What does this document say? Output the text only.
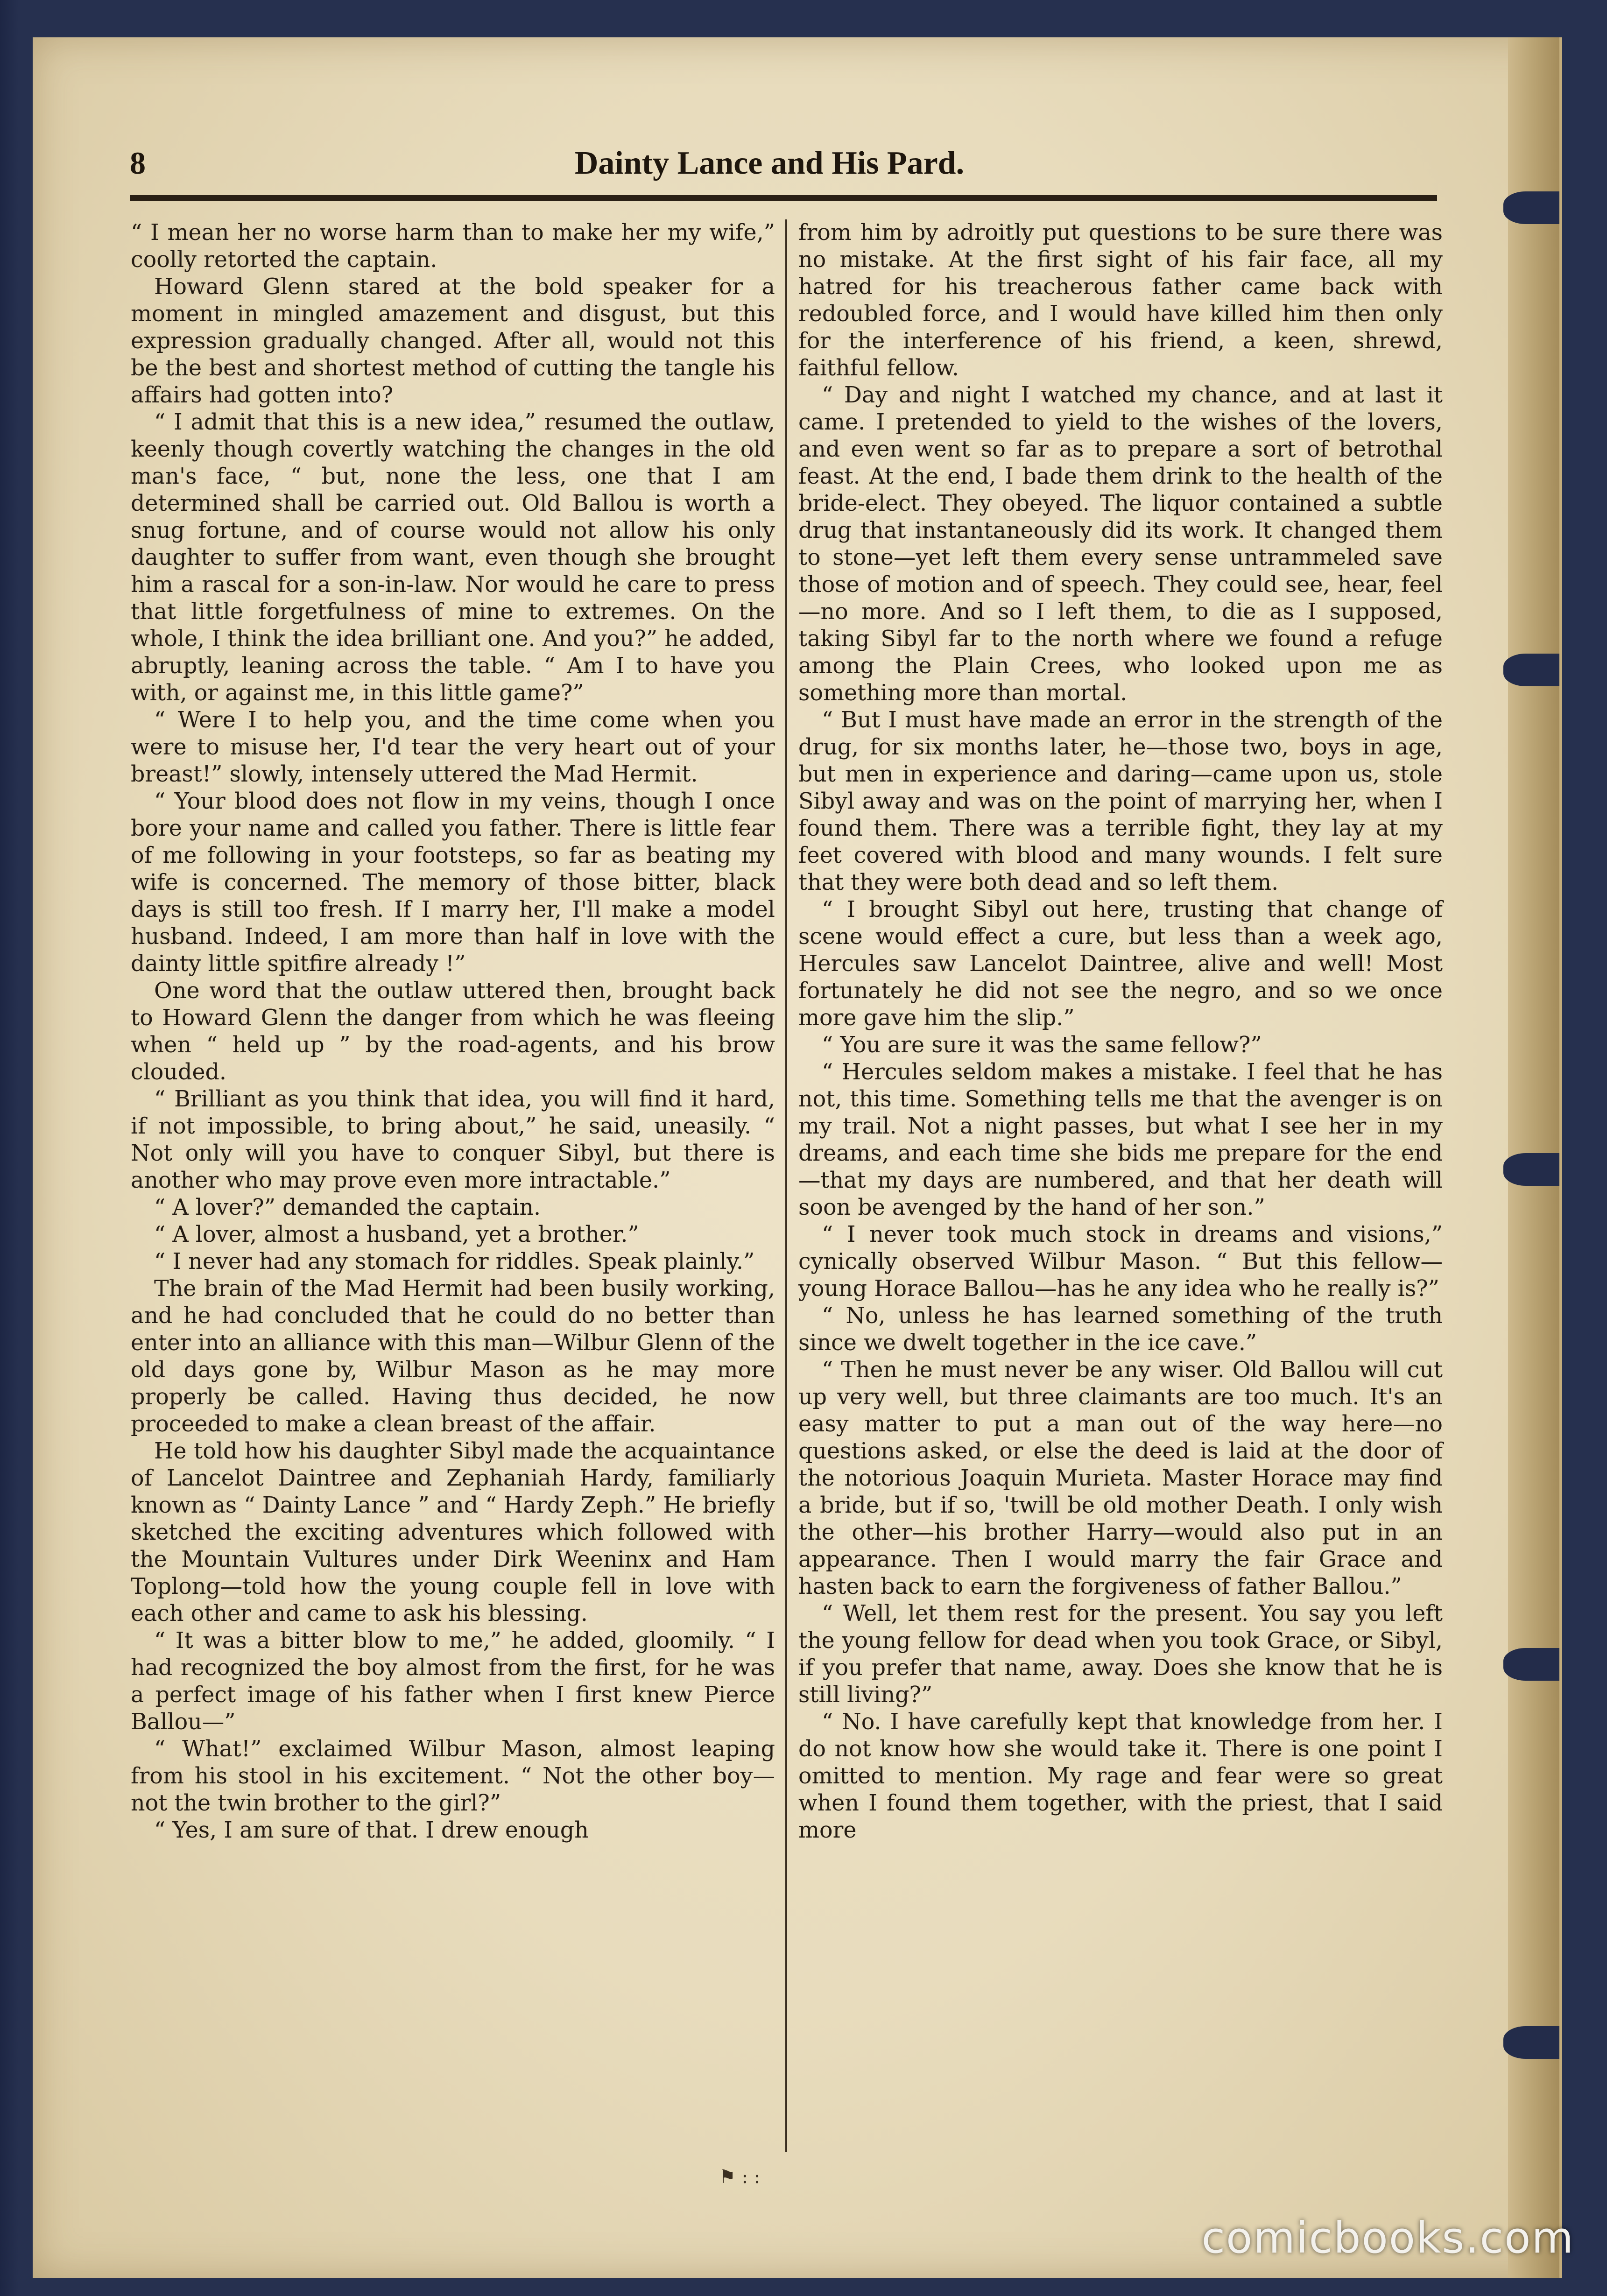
8	Dainty Lance and His Pard.

“ I mean her no worse harm than to make her my wife,” coolly retorted the captain.

Howard Glenn stared at the bold speaker for a moment in mingled amazement and disgust, but this expression gradually changed. After all, would not this be the best and shortest method of cutting the tangle his affairs had gotten into?

“ I admit that this is a new idea,” resumed the outlaw, keenly though covertly watching the changes in the old man's face, “ but, none the less, one that I am determined shall be carried out. Old Ballou is worth a snug fortune, and of course would not allow his only daughter to suffer from want, even though she brought him a rascal for a son-in-law. Nor would he care to press that little forgetfulness of mine to extremes. On the whole, I think the idea brilliant one. And you?” he added, abruptly, leaning across the table. “ Am I to have you with, or against me, in this little game?”

“ Were I to help you, and the time come when you were to misuse her, I'd tear the very heart out of your breast!” slowly, intensely uttered the Mad Hermit.

“ Your blood does not flow in my veins, though I once bore your name and called you father. There is little fear of me following in your footsteps, so far as beating my wife is concerned. The memory of those bitter, black days is still too fresh. If I marry her, I'll make a model husband. Indeed, I am more than half in love with the dainty little spitfire already !”

One word that the outlaw uttered then, brought back to Howard Glenn the danger from which he was fleeing when “ held up ” by the road-agents, and his brow clouded.

“ Brilliant as you think that idea, you will find it hard, if not impossible, to bring about,” he said, uneasily. “ Not only will you have to conquer Sibyl, but there is another who may prove even more intractable.”

“ A lover?” demanded the captain.

“ A lover, almost a husband, yet a brother.”

“ I never had any stomach for riddles. Speak plainly.”

The brain of the Mad Hermit had been busily working, and he had concluded that he could do no better than enter into an alliance with this man—Wilbur Glenn of the old days gone by, Wilbur Mason as he may more properly be called. Having thus decided, he now proceeded to make a clean breast of the affair.

He told how his daughter Sibyl made the acquaintance of Lancelot Daintree and Zephaniah Hardy, familiarly known as “ Dainty Lance ” and “ Hardy Zeph.” He briefly sketched the exciting adventures which followed with the Mountain Vultures under Dirk Weeninx and Ham Toplong—told how the young couple fell in love with each other and came to ask his blessing.

“ It was a bitter blow to me,” he added, gloomily. “ I had recognized the boy almost from the first, for he was a perfect image of his father when I first knew Pierce Ballou—”

“ What!” exclaimed Wilbur Mason, almost leaping from his stool in his excitement. “ Not the other boy—not the twin brother to the girl?”

“ Yes, I am sure of that. I drew enough

from him by adroitly put questions to be sure there was no mistake. At the first sight of his fair face, all my hatred for his treacherous father came back with redoubled force, and I would have killed him then only for the interference of his friend, a keen, shrewd, faithful fellow.

“ Day and night I watched my chance, and at last it came. I pretended to yield to the wishes of the lovers, and even went so far as to prepare a sort of betrothal feast. At the end, I bade them drink to the health of the bride-elect. They obeyed. The liquor contained a subtle drug that instantaneously did its work. It changed them to stone—yet left them every sense untrammeled save those of motion and of speech. They could see, hear, feel—no more. And so I left them, to die as I supposed, taking Sibyl far to the north where we found a refuge among the Plain Crees, who looked upon me as something more than mortal.

“ But I must have made an error in the strength of the drug, for six months later, he—those two, boys in age, but men in experience and daring—came upon us, stole Sibyl away and was on the point of marrying her, when I found them. There was a terrible fight, they lay at my feet covered with blood and many wounds. I felt sure that they were both dead and so left them.

“ I brought Sibyl out here, trusting that change of scene would effect a cure, but less than a week ago, Hercules saw Lancelot Daintree, alive and well! Most fortunately he did not see the negro, and so we once more gave him the slip.”

“ You are sure it was the same fellow?”

“ Hercules seldom makes a mistake. I feel that he has not, this time. Something tells me that the avenger is on my trail. Not a night passes, but what I see her in my dreams, and each time she bids me prepare for the end—that my days are numbered, and that her death will soon be avenged by the hand of her son.”

“ I never took much stock in dreams and visions,” cynically observed Wilbur Mason. “ But this fellow—young Horace Ballou—has he any idea who he really is?”

“ No, unless he has learned something of the truth since we dwelt together in the ice cave.”

“ Then he must never be any wiser. Old Ballou will cut up very well, but three claimants are too much. It's an easy matter to put a man out of the way here—no questions asked, or else the deed is laid at the door of the notorious Joaquin Murieta. Master Horace may find a bride, but if so, 'twill be old mother Death. I only wish the other—his brother Harry—would also put in an appearance. Then I would marry the fair Grace and hasten back to earn the forgiveness of father Ballou.”

“ Well, let them rest for the present. You say you left the young fellow for dead when you took Grace, or Sibyl, if you prefer that name, away. Does she know that he is still living?”

“ No. I have carefully kept that knowledge from her. I do not know how she would take it. There is one point I omitted to mention. My rage and fear were so great when I found them together, with the priest, that I said more

⚑ : :
comicbooks.com
